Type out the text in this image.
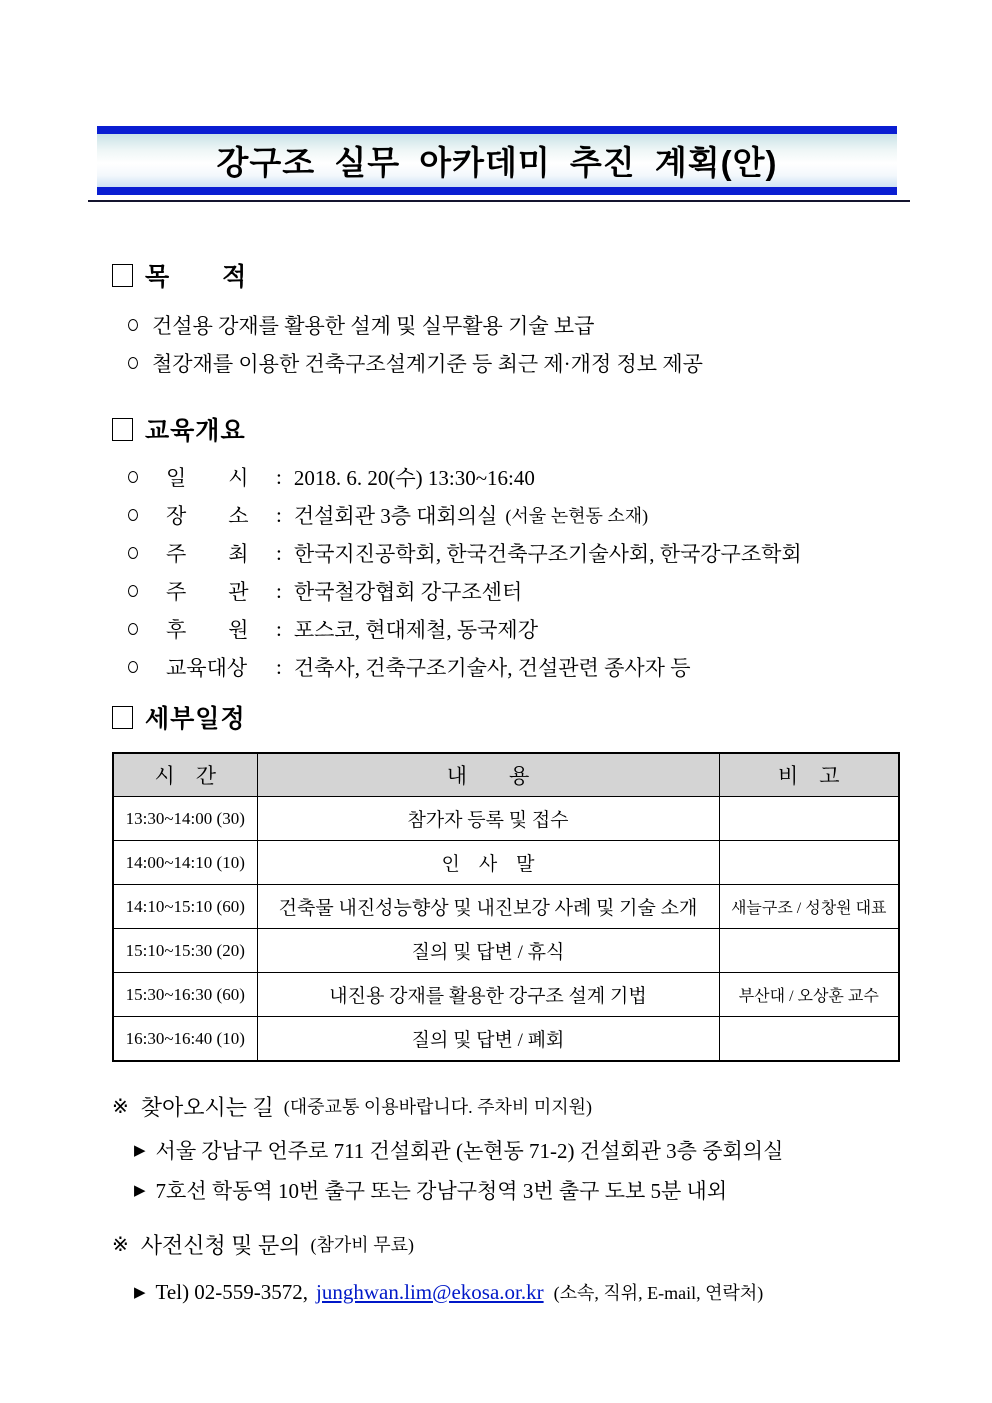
강구조 실무 아카데미 추진 계획(안)
목　　적
건설용 강재를 활용한 설계 및 실무활용 기술 보급
철강재를 이용한 건축구조설계기준 등 최근 제·개정 정보 제공
교육개요
일　　시	: 2018. 6. 20(수) 13:30~16:40
장　　소	: 건설회관 3층 대회의실 (서울 논현동 소재)
주　　최	: 한국지진공학회, 한국건축구조기술사회, 한국강구조학회
주　　관	: 한국철강협회 강구조센터
후　　원	: 포스코, 현대제철, 동국제강
교육대상	: 건축사, 건축구조기술사, 건설관련 종사자 등
세부일정
시　간	내　　용	비　고
13:30~14:00 (30)	참가자 등록 및 접수	
14:00~14:10 (10)	인　사　말	
14:10~15:10 (60)	건축물 내진성능향상 및 내진보강 사례 및 기술 소개	새늘구조 / 성창원 대표
15:10~15:30 (20)	질의 및 답변 / 휴식	
15:30~16:30 (60)	내진용 강재를 활용한 강구조 설계 기법	부산대 / 오상훈 교수
16:30~16:40 (10)	질의 및 답변 / 폐회	
※ 찾아오시는 길 (대중교통 이용바랍니다. 주차비 미지원)
▶ 서울 강남구 언주로 711 건설회관 (논현동 71-2) 건설회관 3층 중회의실
▶ 7호선 학동역 10번 출구 또는 강남구청역 3번 출구 도보 5분 내외
※ 사전신청 및 문의 (참가비 무료)
▶ Tel) 02-559-3572, junghwan.lim@ekosa.or.kr (소속, 직위, E-mail, 연락처)
